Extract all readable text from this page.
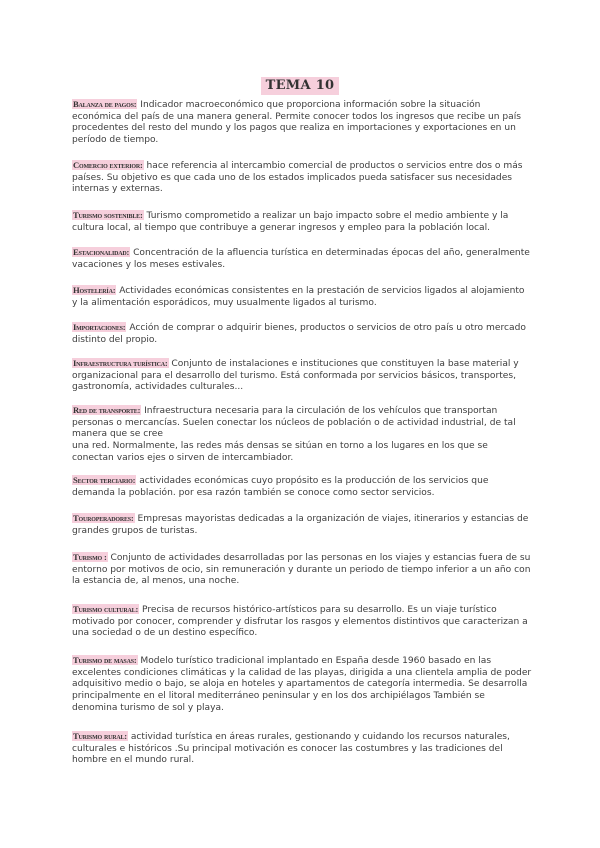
TEMA 10
Balanza de pagos: Indicador macroeconómico que proporciona información sobre la situación económica del país de una manera general. Permite conocer todos los ingresos que recibe un país procedentes del resto del mundo y los pagos que realiza en importaciones y exportaciones en un período de tiempo.
Comercio exterior: hace referencia al intercambio comercial de productos o servicios entre dos o más países. Su objetivo es que cada uno de los estados implicados pueda satisfacer sus necesidades internas y externas.
Turismo sostenible: Turismo comprometido a realizar un bajo impacto sobre el medio ambiente y la cultura local, al tiempo que contribuye a generar ingresos y empleo para la población local.
Estacionalidad: Concentración de la afluencia turística en determinadas épocas del año, generalmente vacaciones y los meses estivales.
Hostelería: Actividades económicas consistentes en la prestación de servicios ligados al alojamiento y la alimentación esporádicos, muy usualmente ligados al turismo.
Importaciones: Acción de comprar o adquirir bienes, productos o servicios de otro país u otro mercado distinto del propio.
Infraestructura turística: Conjunto de instalaciones e instituciones que constituyen la base material y organizacional para el desarrollo del turismo. Está conformada por servicios básicos, transportes, gastronomía, actividades culturales...
Red de transporte: Infraestructura necesaria para la circulación de los vehículos que transportan personas o mercancías. Suelen conectar los núcleos de población o de actividad industrial, de tal manera que se cree
una red. Normalmente, las redes más densas se sitúan en torno a los lugares en los que se conectan varios ejes o sirven de intercambiador.
Sector terciario: actividades económicas cuyo propósito es la producción de los servicios que demanda la población. por esa razón también se conoce como sector servicios.
Touroperadores: Empresas mayoristas dedicadas a la organización de viajes, itinerarios y estancias de grandes grupos de turistas.
Turismo : Conjunto de actividades desarrolladas por las personas en los viajes y estancias fuera de su entorno por motivos de ocio, sin remuneración y durante un periodo de tiempo inferior a un año con la estancia de, al menos, una noche.
Turismo cultural: Precisa de recursos histórico-artísticos para su desarrollo. Es un viaje turístico motivado por conocer, comprender y disfrutar los rasgos y elementos distintivos que caracterizan a una sociedad o de un destino específico.
Turismo de masas: Modelo turístico tradicional implantado en España desde 1960 basado en las excelentes condiciones climáticas y la calidad de las playas, dirigida a una clientela amplia de poder adquisitivo medio o bajo, se aloja en hoteles y apartamentos de categoría intermedia. Se desarrolla principalmente en el litoral mediterráneo peninsular y en los dos archipiélagos También se denomina turismo de sol y playa.
Turismo rural: actividad turística en áreas rurales, gestionando y cuidando los recursos naturales, culturales e históricos .Su principal motivación es conocer las costumbres y las tradiciones del hombre en el mundo rural.
